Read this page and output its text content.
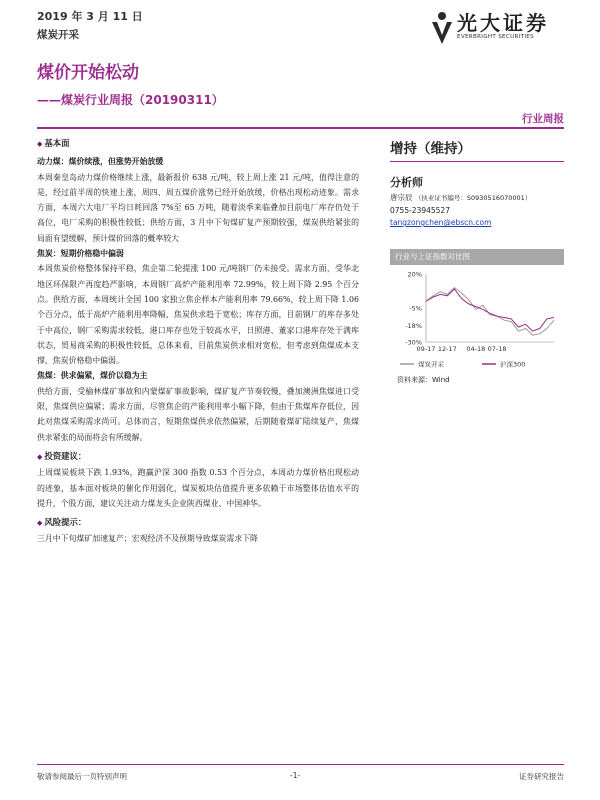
2019 年 3 月 11 日
煤炭开采	光大证券
EVERBRIGHT SECURITIES
煤价开始松动
——煤炭行业周报（20190311）
行业周报

◆ 基本面

动力煤：煤价续涨，但涨势开始放缓
本周秦皇岛动力煤价格继续上涨，最新报价 638 元/吨，较上周上涨 21 元/吨，值得注意的是，经过前半周的快速上涨，周四、周五煤价涨势已经开始放缓，价格出现松动迹象。需求方面，本周六大电厂平均日耗回落 7%至 65 万吨，随着淡季来临叠加目前电厂库存仍处于高位，电厂采购的积极性较低；供给方面，3 月中下旬煤矿复产预期较强，煤炭供给紧张的局面有望缓解，预计煤价回落的概率较大

焦炭：短期价格稳中偏弱
本周焦炭价格整体保持平稳，焦企第二轮提涨 100 元/吨钢厂仍未接受。需求方面，受华北地区环保限产再度趋严影响，本周钢厂高炉产能利用率 72.99%，较上周下降 2.95 个百分点。供给方面，本周统计全国 100 家独立焦企样本产能利用率 79.66%，较上周下降 1.06 个百分点，低于高炉产能利用率降幅，焦炭供求趋于宽松；库存方面，目前钢厂的库存多处于中高位，钢厂采购需求较低，港口库存也处于较高水平，日照港、董家口港库存处于满库状态，贸易商采购的积极性较低，总体来看，目前焦炭供求相对宽松，但考虑到焦煤成本支撑，焦炭价格稳中偏弱。

焦煤：供求偏紧，煤价以稳为主
供给方面，受榆林煤矿事故和内蒙煤矿事故影响，煤矿复产节奏较慢，叠加澳洲焦煤进口受限，焦煤供应偏紧；需求方面，尽管焦企的产能利用率小幅下降，但由于焦煤库存低位，因此对焦煤采购需求尚可。总体而言，短期焦煤供求依然偏紧，后期随着煤矿陆续复产，焦煤供求紧张的局面将会有所缓解。

◆ 投资建议：

上周煤炭板块下跌 1.93%，跑赢沪深 300 指数 0.53 个百分点，本周动力煤价格出现松动的迹象，基本面对板块的催化作用弱化，煤炭板块估值提升更多依赖于市场整体估值水平的提升，个股方面，建议关注动力煤龙头企业陕西煤业、中国神华。

◆ 风险提示：

三月中下旬煤矿加速复产；宏观经济不及预期导致煤炭需求下降

增持（维持）
分析师
唐宗辰 （执业证书编号：S0930516070001）
0755-23945527
tangzongchen@ebscn.com
行业与上证指数对比图
20%
-5%
-18%
-30%
09-17 12-17 04-18 07-18
煤炭开采	沪深300
资料来源：Wind
敬请参阅最后一页特别声明	-1-	证券研究报告
